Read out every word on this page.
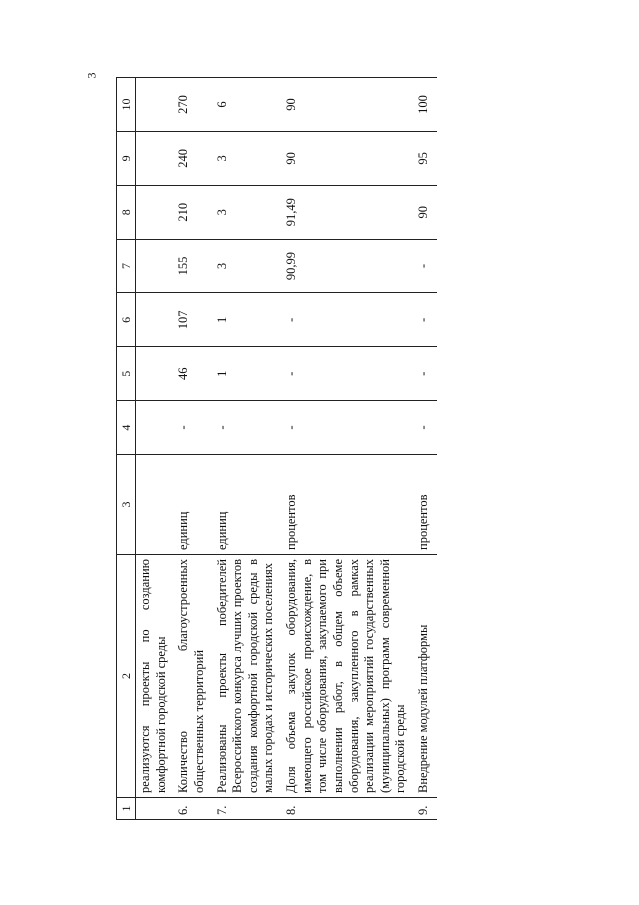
3
1	2	3	4	5	6	7	8	9	10
	реализуются проекты по созданию комфортной городской среды								
6.	Количество благоустроенных общественных территорий	единиц	-	46	107	155	210	240	270
7.	Реализованы проекты победителей Всероссийского конкурса лучших проектов создания комфортной городской среды в малых городах и исторических поселениях	единиц	-	1	1	3	3	3	6
8.	Доля объема закупок оборудования, имеющего российское происхождение, в том числе оборудования, закупаемого при выполнении работ, в общем объеме оборудования, закупленного в рамках реализации мероприятий государственных (муниципальных) программ современной городской среды	процентов	-	-	-	90,99	91,49	90	90
9.	Внедрение модулей платформы	процентов	-	-	-	-	90	95	100
